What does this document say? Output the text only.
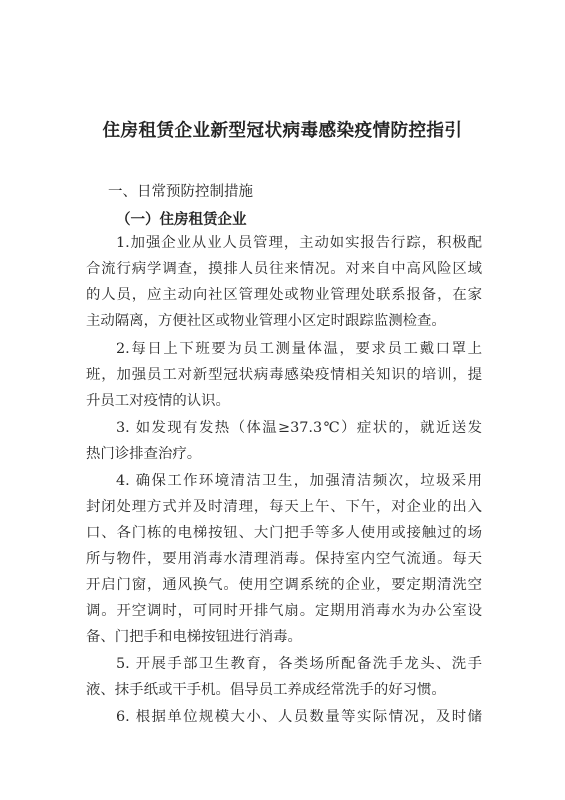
住房租赁企业新型冠状病毒感染疫情防控指引
一、日常预防控制措施
（一）住房租赁企业
1.加强企业从业人员管理，主动如实报告行踪，积极配
合流行病学调查，摸排人员往来情况。对来自中高风险区域
的人员，应主动向社区管理处或物业管理处联系报备，在家
主动隔离，方便社区或物业管理小区定时跟踪监测检查。
2.每日上下班要为员工测量体温，要求员工戴口罩上
班，加强员工对新型冠状病毒感染疫情相关知识的培训，提
升员工对疫情的认识。
3. 如发现有发热（体温≥37.3℃）症状的，就近送发
热门诊排查治疗。
4. 确保工作环境清洁卫生，加强清洁频次，垃圾采用
封闭处理方式并及时清理，每天上午、下午，对企业的出入
口、各门栋的电梯按钮、大门把手等多人使用或接触过的场
所与物件，要用消毒水清理消毒。保持室内空气流通。每天
开启门窗，通风换气。使用空调系统的企业，要定期清洗空
调。开空调时，可同时开排气扇。定期用消毒水为办公室设
备、门把手和电梯按钮进行消毒。
5. 开展手部卫生教育，各类场所配备洗手龙头、洗手
液、抹手纸或干手机。倡导员工养成经常洗手的好习惯。
6. 根据单位规模大小、人员数量等实际情况，及时储
